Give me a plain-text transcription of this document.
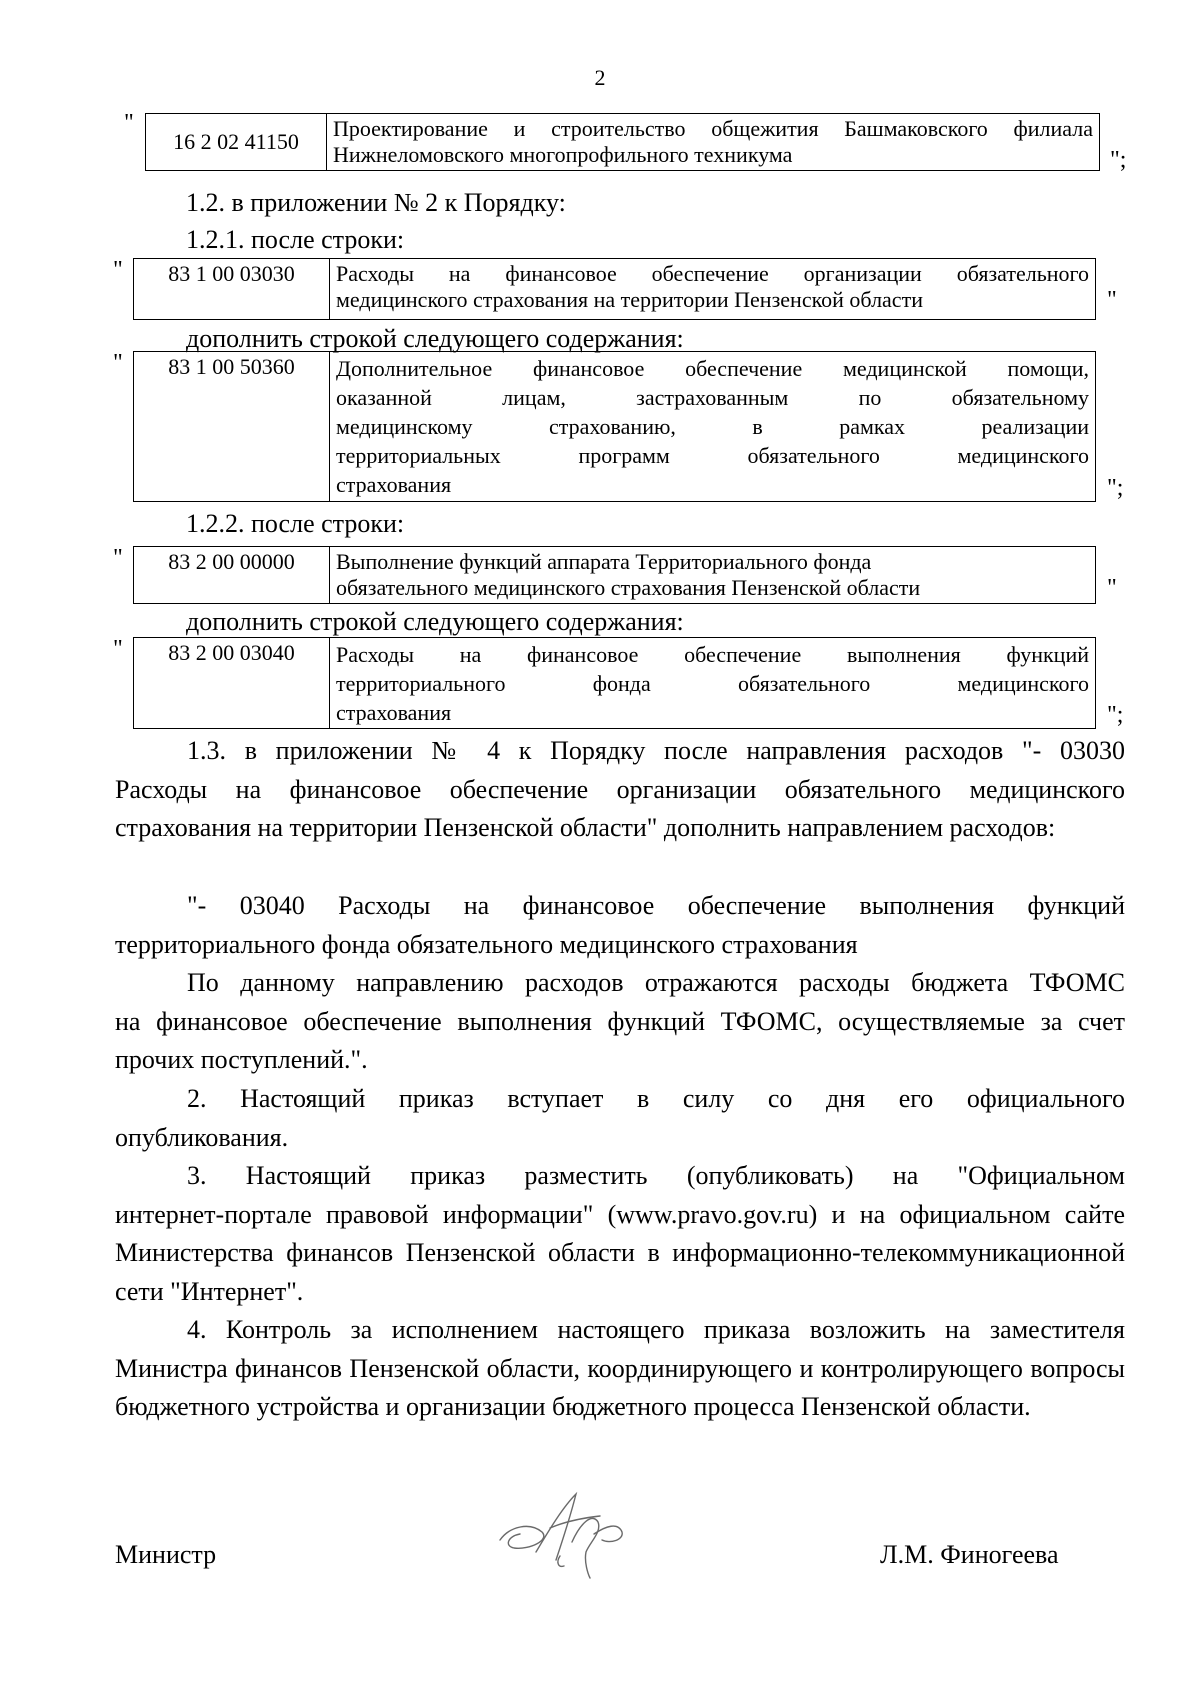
2
"
16 2 02 41150	
Проектирование и строительство общежития Башмаковского филиала
Нижнеломовского многопрофильного техникума	";
1.2. в приложении № 2 к Порядку:
1.2.1. после строки:
" 83 1 00 03030	Расходы на финансовое обеспечение организации обязательного
медицинского страхования на территории Пензенской области	"
дополнить строкой следующего содержания:
" 83 1 00 50360	Дополнительное финансовое обеспечение медицинской помощи,
оказанной лицам, застрахованным по обязательному
медицинскому страхованию, в рамках реализации
территориальных программ обязательного медицинского
страхования	";
1.2.2. после строки:
" 83 2 00 00000	Выполнение функций аппарата Территориального фонда
обязательного медицинского страхования Пензенской области	"
дополнить строкой следующего содержания:
" 83 2 00 03040	Расходы на финансовое обеспечение выполнения функций
территориального фонда обязательного медицинского
страхования	";
1.3. в приложении № 4 к Порядку после направления расходов "- 03030
Расходы на финансовое обеспечение организации обязательного медицинского страхования на территории Пензенской области" дополнить направлением расходов:
"- 03040 Расходы на финансовое обеспечение выполнения функций
территориального фонда обязательного медицинского страхования
По данному направлению расходов отражаются расходы бюджета ТФОМС
на финансовое обеспечение выполнения функций ТФОМС, осуществляемые за счет прочих поступлений.".
2. Настоящий приказ вступает в силу со дня его официального
опубликования.
3. Настоящий приказ разместить (опубликовать) на "Официальном
интернет-портале правовой информации" (www.pravo.gov.ru) и на официальном сайте Министерства финансов Пензенской области в информационно-телекоммуникационной сети "Интернет".
4. Контроль за исполнением настоящего приказа возложить на заместителя
Министра финансов Пензенской области, координирующего и контролирующего вопросы бюджетного устройства и организации бюджетного процесса Пензенской области.
Министр	Л.М. Финогеева
